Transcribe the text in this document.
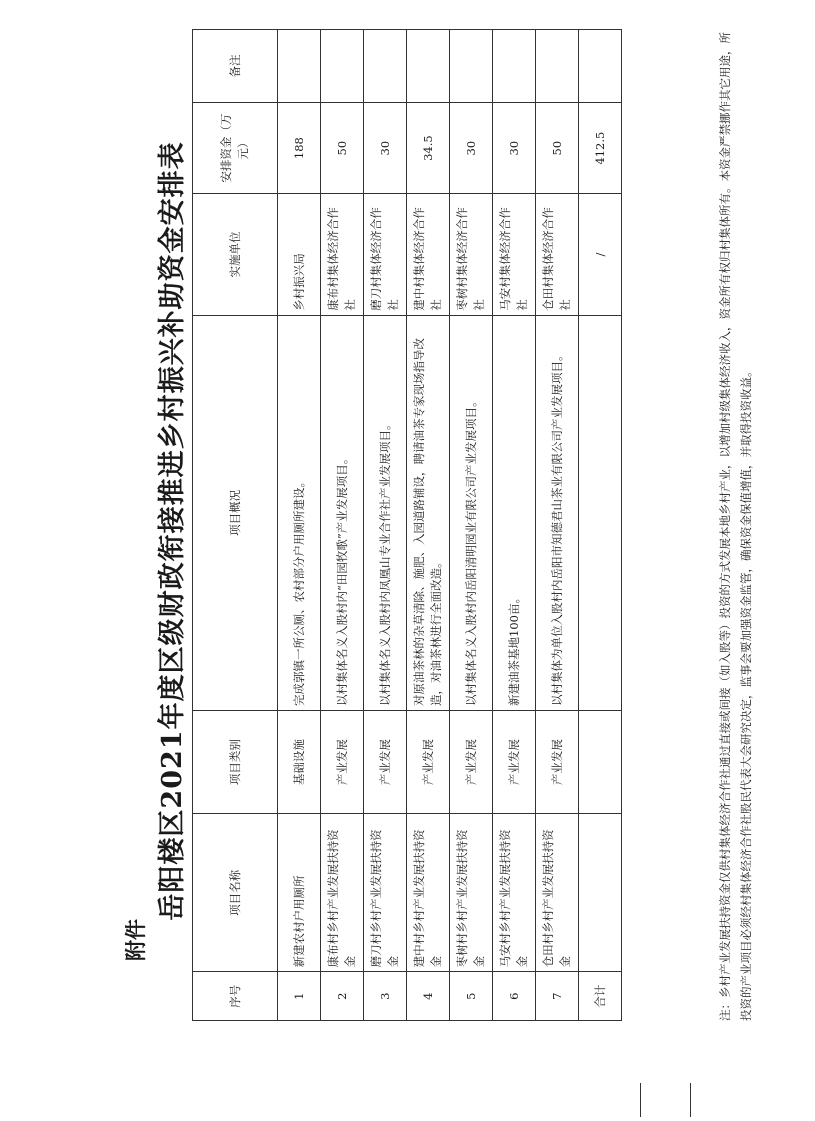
附件
岳阳楼区2021年度区级财政衔接推进乡村振兴补助资金安排表
序号	项目名称	项目类别	项目概况	实施单位	安排资金（万元）	备注
1	新建农村户用厕所	基础设施	完成郭镇一所公厕、农村部分户用厕所建设。	乡村振兴局	188	
2	康布村乡村产业发展扶持资金	产业发展	以村集体名义入股村内“田园牧歌”产业发展项目。	康布村集体经济合作社	50	
3	磨刀村乡村产业发展扶持资金	产业发展	以村集体名义入股村内凤凰山专业合作社产业发展项目。	磨刀村集体经济合作社	30	
4	建中村乡村产业发展扶持资金	产业发展	对原油茶林的杂草清除、施肥、入园道路铺设，聘请油茶专家现场指导改造，对油茶林进行全面改造。	建中村集体经济合作社	34.5	
5	枣树村乡村产业发展扶持资金	产业发展	以村集体名义入股村内岳阳清明园业有限公司产业发展项目。	枣树村集体经济合作社	30	
6	马安村乡村产业发展扶持资金	产业发展	新建油茶基地100亩。	马安村集体经济合作社	30	
7	仓田村乡村产业发展扶持资金	产业发展	以村集体为单位入股村内岳阳市知德君山茶业有限公司产业发展项目。	仓田村集体经济合作社	50	
合计				/	412.5		注：乡村产业发展扶持资金仅供村集体经济合作社通过直接或间接（如入股等）投资的方式发展本地乡村产业，以增加村级集体经济收入，资金所有权归村集体所有。本资金严禁挪作其它用途，所投资的产业项目必须经村集体经济合作社股民代表大会研究决定，监事会要加强资金监管，确保资金保值增值，并取得投资收益。
